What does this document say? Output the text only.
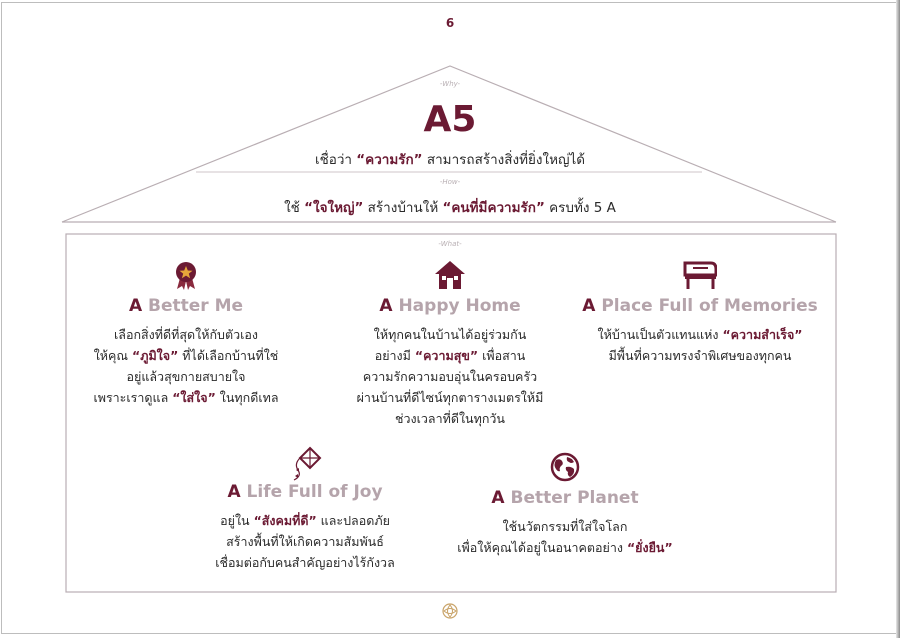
6
-Why-
-How-
-What-
A5
เชื่อว่า “ความรัก” สามารถสร้างสิ่งที่ยิ่งใหญ่ได้
ใช้ “ใจใหญ่” สร้างบ้านให้ “คนที่มีความรัก” ครบทั้ง 5 A
A Better Me
เลือกสิ่งที่ดีที่สุดให้กับตัวเอง
ให้คุณ “ภูมิใจ” ที่ได้เลือกบ้านที่ใช่
อยู่แล้วสุขกายสบายใจ
เพราะเราดูแล “ใส่ใจ” ในทุกดีเทล
A Happy Home
ให้ทุกคนในบ้านได้อยู่ร่วมกัน
อย่างมี “ความสุข” เพื่อสาน
ความรักความอบอุ่นในครอบครัว
ผ่านบ้านที่ดีไซน์ทุกตารางเมตรให้มี
ช่วงเวลาที่ดีในทุกวัน
A Place Full of Memories
ให้บ้านเป็นตัวแทนแห่ง “ความสำเร็จ”
มีพื้นที่ความทรงจำพิเศษของทุกคน
A Life Full of Joy
อยู่ใน “สังคมที่ดี” และปลอดภัย
สร้างพื้นที่ให้เกิดความสัมพันธ์
เชื่อมต่อกับคนสำคัญอย่างไร้กังวล
A Better Planet
ใช้นวัตกรรมที่ใส่ใจโลก
เพื่อให้คุณได้อยู่ในอนาคตอย่าง “ยั่งยืน”
